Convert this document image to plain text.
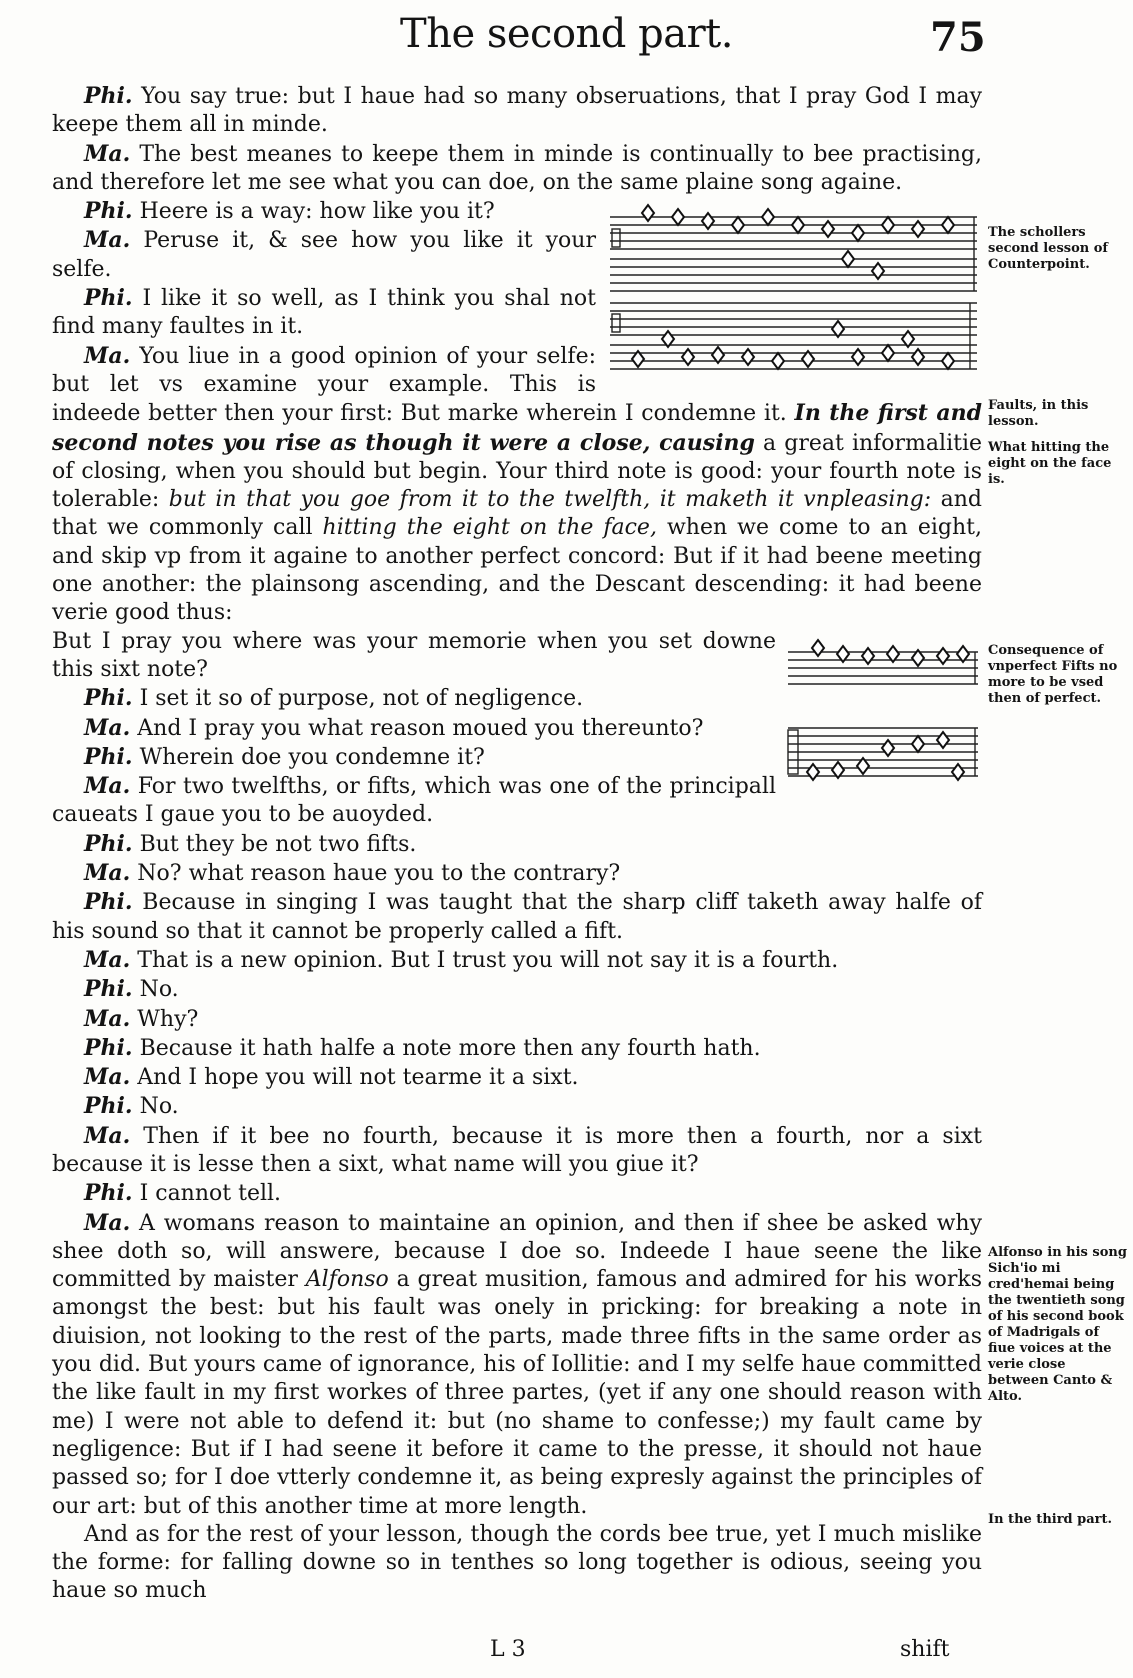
The second part.	75

Phi. You say true: but I haue had so many obseruations, that I pray God I may keepe them all in minde.

Ma. The best meanes to keepe them in minde is continually to bee practising, and therefore let me see what you can doe, on the same plaine song againe.

Phi. Heere is a way: how like you it?

Ma. Peruse it, & see how you like it your selfe.

Phi. I like it so well, as I think you shal not find many faultes in it.

Ma. You liue in a good opinion of your selfe: but let vs examine your example. This is indeede better then your first: But marke wherein I condemne it. In the first and second notes you rise as though it were a close, causing a great informalitie of closing, when you should but begin. Your third note is good: your fourth note is tolerable: but in that you goe from it to the twelfth, it maketh it vnpleasing: and that we commonly call hitting the eight on the face, when we come to an eight, and skip vp from it againe to another perfect concord: But if it had beene meeting one another: the plainsong ascending, and the Descant descending: it had beene verie good thus:

But I pray you where was your memorie when you set downe this sixt note?

Phi. I set it so of purpose, not of negligence.

Ma. And I pray you what reason moued you thereunto?

Phi. Wherein doe you condemne it?

Ma. For two twelfths, or fifts, which was one of the principall caueats I gaue you to be auoyded.

Phi. But they be not two fifts.

Ma. No? what reason haue you to the contrary?

Phi. Because in singing I was taught that the sharp cliff taketh away halfe of his sound so that it cannot be properly called a fift.

Ma. That is a new opinion. But I trust you will not say it is a fourth.

Phi. No.

Ma. Why?

Phi. Because it hath halfe a note more then any fourth hath.

Ma. And I hope you will not tearme it a sixt.

Phi. No.

Ma. Then if it bee no fourth, because it is more then a fourth, nor a sixt because it is lesse then a sixt, what name will you giue it?

Phi. I cannot tell.

Ma. A womans reason to maintaine an opinion, and then if shee be asked why shee doth so, will answere, because I doe so. Indeede I haue seene the like committed by maister Alfonso a great musition, famous and admired for his works amongst the best: but his fault was onely in pricking: for breaking a note in diuision, not looking to the rest of the parts, made three fifts in the same order as you did. But yours came of ignorance, his of Iollitie: and I my selfe haue committed the like fault in my first workes of three partes, (yet if any one should reason with me) I were not able to defend it: but (no shame to confesse;) my fault came by negligence: But if I had seene it before it came to the presse, it should not haue passed so; for I doe vtterly condemne it, as being expresly against the principles of our art: but of this another time at more length.

And as for the rest of your lesson, though the cords bee true, yet I much mislike the forme: for falling downe so in tenthes so long together is odious, seeing you haue so much

The schollers second lesson of Counterpoint.
Faults, in this lesson.
What hitting the eight on the face is.
Consequence of vnperfect Fifts no more to be vsed then of perfect.
Alfonso in his song Sich'io mi cred'hemai being the twentieth song of his second book of Madrigals of fiue voices at the verie close between Canto & Alto.
In the third part.
L 3	shift
